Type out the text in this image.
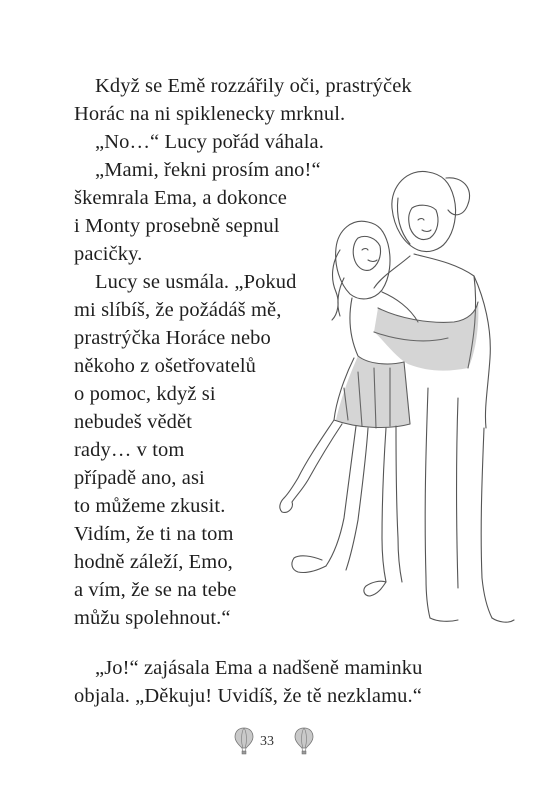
Když se Emě rozzářily oči, prastrýček
Horác na ni spiklenecky mrknul.
„No…“ Lucy pořád váhala.
„Mami, řekni prosím ano!“
škemrala Ema, a dokonce
i Monty prosebně sepnul
pacičky.
Lucy se usmála. „Pokud
mi slíbíš, že požádáš mě,
prastrýčka Horáce nebo
někoho z ošetřovatelů
o pomoc, když si
nebudeš vědět
rady… v tom
případě ano, asi
to můžeme zkusit.
Vidím, že ti na tom
hodně záleží, Emo,
a vím, že se na tebe
můžu spolehnout.“
„Jo!“ zajásala Ema a nadšeně maminku
objala. „Děkuju! Uvidíš, že tě nezklamu.“
33
